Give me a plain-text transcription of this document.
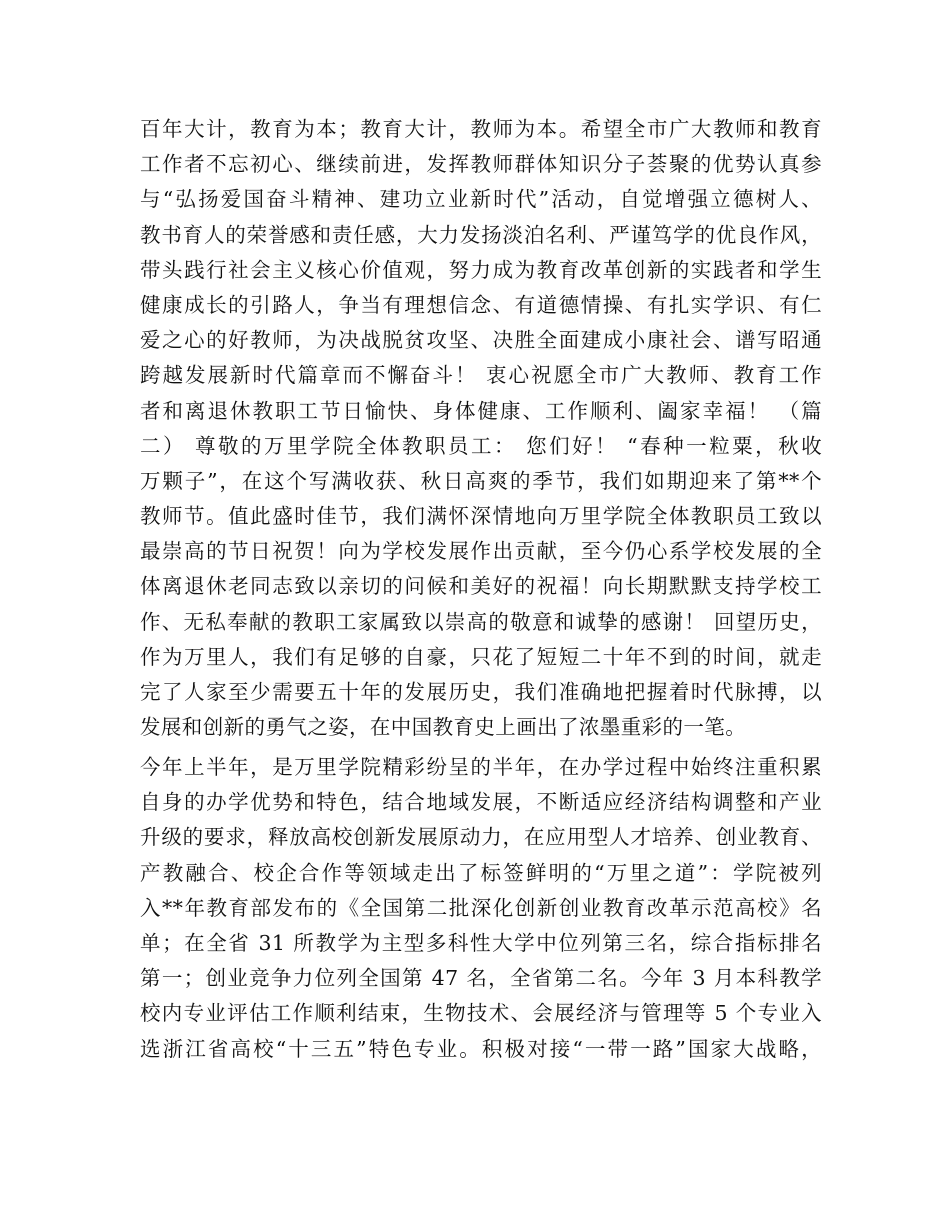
百年大计，教育为本；教育大计，教师为本。希望全市广大教师和教育
工作者不忘初心、继续前进，发挥教师群体知识分子荟聚的优势认真参
与“弘扬爱国奋斗精神、建功立业新时代”活动，自觉增强立德树人、
教书育人的荣誉感和责任感，大力发扬淡泊名利、严谨笃学的优良作风，
带头践行社会主义核心价值观，努力成为教育改革创新的实践者和学生
健康成长的引路人，争当有理想信念、有道德情操、有扎实学识、有仁
爱之心的好教师，为决战脱贫攻坚、决胜全面建成小康社会、谱写昭通
跨越发展新时代篇章而不懈奋斗！ 衷心祝愿全市广大教师、教育工作
者和离退休教职工节日愉快、身体健康、工作顺利、阖家幸福！ （篇
二） 尊敬的万里学院全体教职员工： 您们好！ “春种一粒粟，秋收
万颗子”，在这个写满收获、秋日高爽的季节，我们如期迎来了第**个
教师节。值此盛时佳节，我们满怀深情地向万里学院全体教职员工致以
最崇高的节日祝贺！向为学校发展作出贡献，至今仍心系学校发展的全
体离退休老同志致以亲切的问候和美好的祝福！向长期默默支持学校工
作、无私奉献的教职工家属致以崇高的敬意和诚挚的感谢！ 回望历史，
作为万里人，我们有足够的自豪，只花了短短二十年不到的时间，就走
完了人家至少需要五十年的发展历史，我们准确地把握着时代脉搏，以
发展和创新的勇气之姿，在中国教育史上画出了浓墨重彩的一笔。
今年上半年，是万里学院精彩纷呈的半年，在办学过程中始终注重积累
自身的办学优势和特色，结合地域发展，不断适应经济结构调整和产业
升级的要求，释放高校创新发展原动力，在应用型人才培养、创业教育、
产教融合、校企合作等领域走出了标签鲜明的“万里之道”：学院被列
入**年教育部发布的《全国第二批深化创新创业教育改革示范高校》名
单；在全省 31 所教学为主型多科性大学中位列第三名，综合指标排名
第一；创业竞争力位列全国第 47 名，全省第二名。今年 3 月本科教学
校内专业评估工作顺利结束，生物技术、会展经济与管理等 5 个专业入
选浙江省高校“十三五”特色专业。积极对接“一带一路”国家大战略，
